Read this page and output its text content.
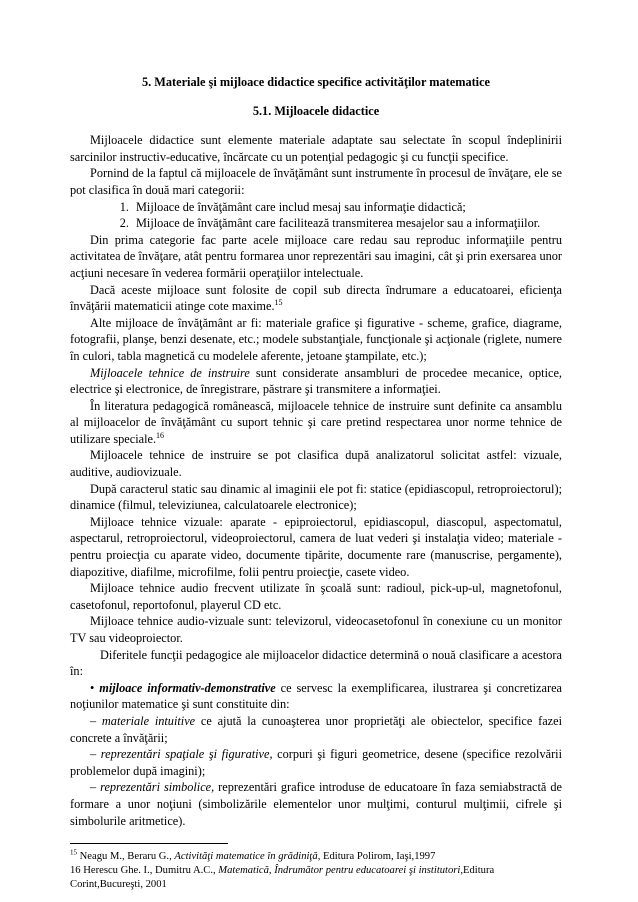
5. Materiale şi mijloace didactice specifice activităţilor matematice
5.1. Mijloacele didactice

Mijloacele didactice sunt elemente materiale adaptate sau selectate în scopul îndeplinirii sarcinilor instructiv-educative, încărcate cu un potenţial pedagogic şi cu funcţii specifice.

Pornind de la faptul că mijloacele de învăţământ sunt instrumente în procesul de învăţare, ele se pot clasifica în două mari categorii:

1. Mijloace de învăţământ care includ mesaj sau informaţie didactică;
2. Mijloace de învăţământ care facilitează transmiterea mesajelor sau a informaţiilor.

Din prima categorie fac parte acele mijloace care redau sau reproduc informaţiile pentru activitatea de învăţare, atât pentru formarea unor reprezentări sau imagini, cât şi prin exersarea unor acţiuni necesare în vederea formării operaţiilor intelectuale.

Dacă aceste mijloace sunt folosite de copil sub directa îndrumare a educatoarei, eficienţa învăţării matematicii atinge cote maxime.$^{15}$

Alte mijloace de învăţământ ar fi: materiale grafice şi figurative - scheme, grafice, diagrame, fotografii, planşe, benzi desenate, etc.; modele substanţiale, funcţionale şi acţionale (riglete, numere în culori, tabla magnetică cu modelele aferente, jetoane ştampilate, etc.);

Mijloacele tehnice de instruire sunt considerate ansambluri de procedee mecanice, optice, electrice şi electronice, de înregistrare, păstrare şi transmitere a informaţiei.

În literatura pedagogică românească, mijloacele tehnice de instruire sunt definite ca ansamblu al mijloacelor de învăţământ cu suport tehnic şi care pretind respectarea unor norme tehnice de utilizare speciale.$^{16}$

Mijloacele tehnice de instruire se pot clasifica după analizatorul solicitat astfel: vizuale, auditive, audiovizuale.

După caracterul static sau dinamic al imaginii ele pot fi: statice (epidiascopul, retroproiectorul); dinamice (filmul, televiziunea, calculatoarele electronice);

Mijloace tehnice vizuale: aparate - epiproiectorul, epidiascopul, diascopul, aspectomatul, aspectarul, retroproiectorul, videoproiectorul, camera de luat vederi şi instalaţia video; materiale - pentru proiecţia cu aparate video, documente tipărite, documente rare (manuscrise, pergamente), diapozitive, diafilme, microfilme, folii pentru proiecţie, casete video.

Mijloace tehnice audio frecvent utilizate în şcoală sunt: radioul, pick-up-ul, magnetofonul, casetofonul, reportofonul, playerul CD etc.

Mijloace tehnice audio-vizuale sunt: televizorul, videocasetofonul în conexiune cu un monitor TV sau videoproiector.

Diferitele funcţii pedagogice ale mijloacelor didactice determină o nouă clasificare a acestora în:

• mijloace informativ-demonstrative ce servesc la exemplificarea, ilustrarea şi concretizarea noţiunilor matematice şi sunt constituite din:

– materiale intuitive ce ajută la cunoaşterea unor proprietăţi ale obiectelor, specifice fazei concrete a învăţării;

– reprezentări spaţiale şi figurative, corpuri şi figuri geometrice, desene (specifice rezolvării problemelor după imagini);

– reprezentări simbolice, reprezentări grafice introduse de educatoare în faza semiabstractă de formare a unor noţiuni (simbolizările elementelor unor mulţimi, conturul mulţimii, cifrele şi simbolurile aritmetice).

$^{15}$ Neagu M., Beraru G., Activităţi matematice în grădiniţă, Editura Polirom, Iaşi,1997
16 Herescu Ghe. I., Dumitru A.C., Matematică, Îndrumător pentru educatoarei şi institutori,Editura Corint,Bucureşti, 2001
